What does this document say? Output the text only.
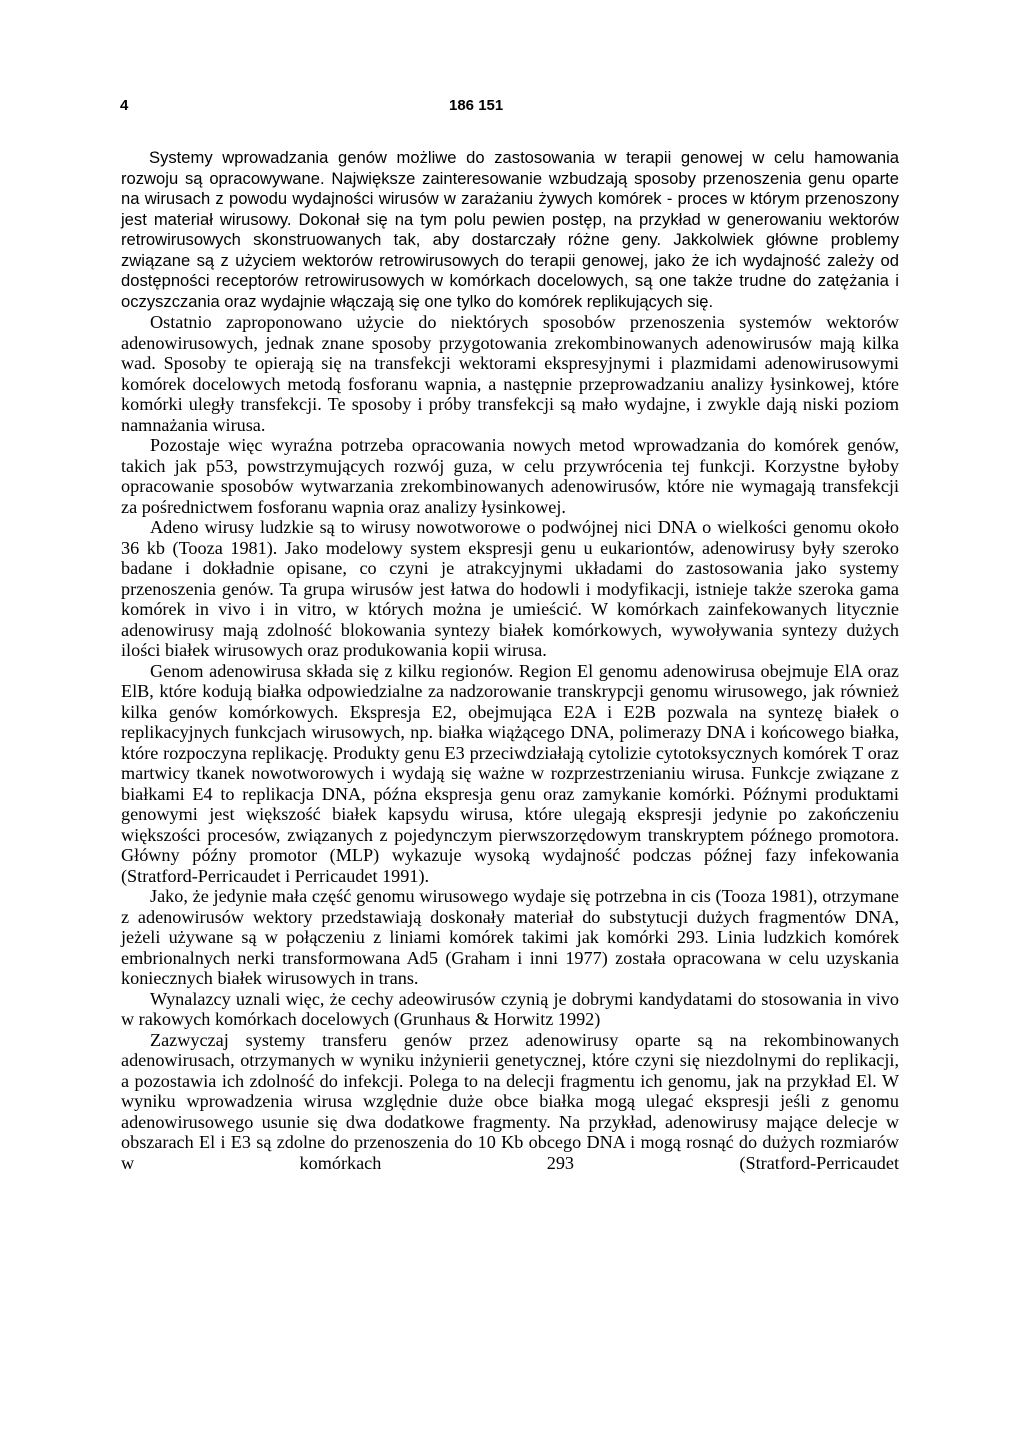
4	186 151

Systemy wprowadzania genów możliwe do zastosowania w terapii genowej w celu hamowania rozwoju są opracowywane. Największe zainteresowanie wzbudzają sposoby przenoszenia genu oparte na wirusach z powodu wydajności wirusów w zarażaniu żywych komórek - proces w którym przenoszony jest materiał wirusowy. Dokonał się na tym polu pewien postęp, na przykład w generowaniu wektorów retrowirusowych skonstruowanych tak, aby dostarczały różne geny. Jakkolwiek główne problemy związane są z użyciem wektorów retrowirusowych do terapii genowej, jako że ich wydajność zależy od dostępności receptorów retrowirusowych w komórkach docelowych, są one także trudne do zatężania i oczyszczania oraz wydajnie włączają się one tylko do komórek replikujących się.

Ostatnio zaproponowano użycie do niektórych sposobów przenoszenia systemów wektorów adenowirusowych, jednak znane sposoby przygotowania zrekombinowanych adenowirusów mają kilka wad. Sposoby te opierają się na transfekcji wektorami ekspresyjnymi i plazmidami adenowirusowymi komórek docelowych metodą fosforanu wapnia, a następnie przeprowadzaniu analizy łysinkowej, które komórki uległy transfekcji. Te sposoby i próby transfekcji są mało wydajne, i zwykle dają niski poziom namnażania wirusa.

Pozostaje więc wyraźna potrzeba opracowania nowych metod wprowadzania do komórek genów, takich jak p53, powstrzymujących rozwój guza, w celu przywrócenia tej funkcji. Korzystne byłoby opracowanie sposobów wytwarzania zrekombinowanych adenowirusów, które nie wymagają transfekcji za pośrednictwem fosforanu wapnia oraz analizy łysinkowej.

Adeno wirusy ludzkie są to wirusy nowotworowe o podwójnej nici DNA o wielkości genomu około 36 kb (Tooza 1981). Jako modelowy system ekspresji genu u eukariontów, adenowirusy były szeroko badane i dokładnie opisane, co czyni je atrakcyjnymi układami do zastosowania jako systemy przenoszenia genów. Ta grupa wirusów jest łatwa do hodowli i modyfikacji, istnieje także szeroka gama komórek in vivo i in vitro, w których można je umieścić. W komórkach zainfekowanych litycznie adenowirusy mają zdolność blokowania syntezy białek komórkowych, wywoływania syntezy dużych ilości białek wirusowych oraz produkowania kopii wirusa.

Genom adenowirusa składa się z kilku regionów. Region El genomu adenowirusa obejmuje ElA oraz ElB, które kodują białka odpowiedzialne za nadzorowanie transkrypcji genomu wirusowego, jak również kilka genów komórkowych. Ekspresja E2, obejmująca E2A i E2B pozwala na syntezę białek o replikacyjnych funkcjach wirusowych, np. białka wiążącego DNA, polimerazy DNA i końcowego białka, które rozpoczyna replikację. Produkty genu E3 przeciwdziałają cytolizie cytotoksycznych komórek T oraz martwicy tkanek nowotworowych i wydają się ważne w rozprzestrzenianiu wirusa. Funkcje związane z białkami E4 to replikacja DNA, późna ekspresja genu oraz zamykanie komórki. Późnymi produktami genowymi jest większość białek kapsydu wirusa, które ulegają ekspresji jedynie po zakończeniu większości procesów, związanych z pojedynczym pierwszorzędowym transkryptem późnego promotora. Główny późny promotor (MLP) wykazuje wysoką wydajność podczas późnej fazy infekowania (Stratford-Perricaudet i Perricaudet 1991).

Jako, że jedynie mała część genomu wirusowego wydaje się potrzebna in cis (Tooza 1981), otrzymane z adenowirusów wektory przedstawiają doskonały materiał do substytucji dużych fragmentów DNA, jeżeli używane są w połączeniu z liniami komórek takimi jak komórki 293. Linia ludzkich komórek embrionalnych nerki transformowana Ad5 (Graham i inni 1977) została opracowana w celu uzyskania koniecznych białek wirusowych in trans.

Wynalazcy uznali więc, że cechy adeowirusów czynią je dobrymi kandydatami do stosowania in vivo w rakowych komórkach docelowych (Grunhaus & Horwitz 1992)

Zazwyczaj systemy transferu genów przez adenowirusy oparte są na rekombinowanych adenowirusach, otrzymanych w wyniku inżynierii genetycznej, które czyni się niezdolnymi do replikacji, a pozostawia ich zdolność do infekcji. Polega to na delecji fragmentu ich genomu, jak na przykład El. W wyniku wprowadzenia wirusa względnie duże obce białka mogą ulegać ekspresji jeśli z genomu adenowirusowego usunie się dwa dodatkowe fragmenty. Na przykład, adenowirusy mające delecje w obszarach El i E3 są zdolne do przenoszenia do 10 Kb obcego DNA i mogą rosnąć do dużych rozmiarów w komórkach 293 (Stratford-Perricaudet
